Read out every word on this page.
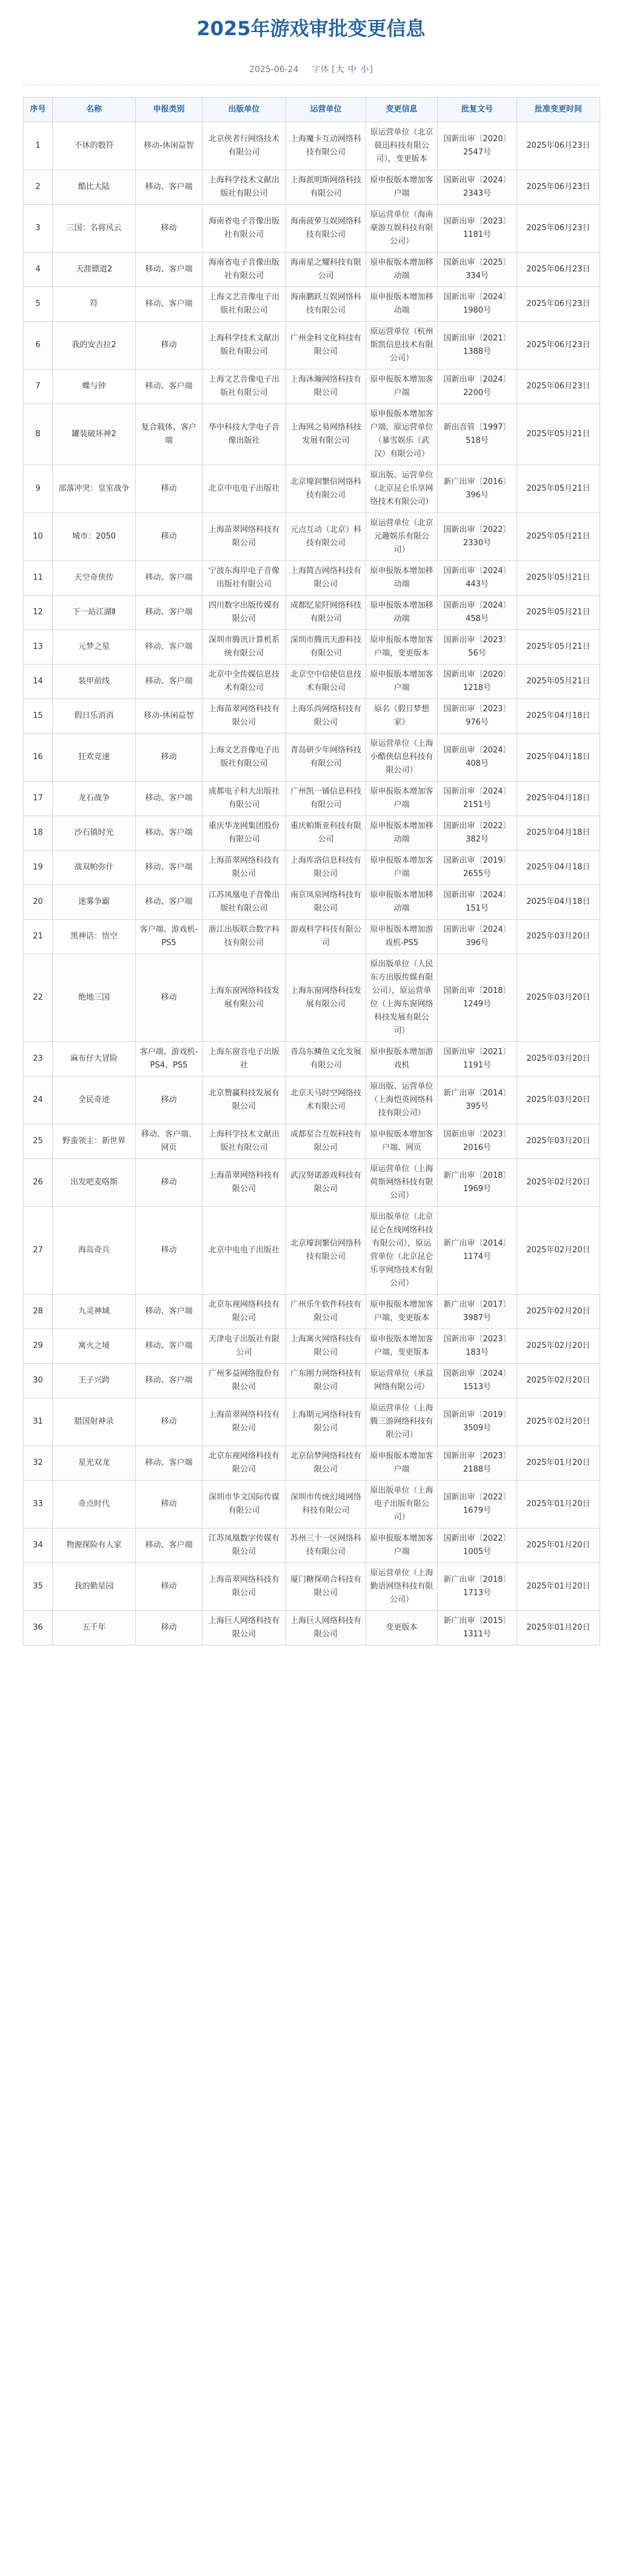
2025年游戏审批变更信息
2025-06-24 字体 [大 中 小]
序号	名称	申报类别	出版单位	运营单位	变更信息	批复文号	批准变更时间
1	不休的骰符	移动-休闲益智	北京侠者行网络技术有限公司	上海魔卡互动网络科技有限公司	原运营单位（北京晨迅科技有限公司），变更版本	国新出审〔2020〕2547号	2025年06月23日
2	酷比大陆	移动、客户端	上海科学技术文献出版社有限公司	上海派明斯网络科技有限公司	原申报版本增加客户端	国新出审〔2024〕2343号	2025年06月23日
3	三国：名将风云	移动	海南省电子音像出版社有限公司	海南菠萝互娱网络科技有限公司	原运营单位（海南豪游互娱科技有限公司）	国新出审〔2023〕1181号	2025年06月23日
4	天涯镖道2	移动、客户端	海南省电子音像出版社有限公司	海南星之耀科技有限公司	原申报版本增加移动端	国新出审〔2025〕334号	2025年06月23日
5	符	移动、客户端	上海文艺音像电子出版社有限公司	海南鹏跃互娱网络科技有限公司	原申报版本增加移动端	国新出审〔2024〕1980号	2025年06月23日
6	我的安吉拉2	移动	上海科学技术文献出版社有限公司	广州金科文化科技有限公司	原运营单位（杭州斯凯信息技术有限公司）	国新出审〔2021〕1388号	2025年06月23日
7	蝶与钟	移动、客户端	上海文艺音像电子出版社有限公司	上海沐瀚网络科技有限公司	原申报版本增加客户端	国新出审〔2024〕2200号	2025年06月23日
8	罐装破坏神2	复合载体、客户端	华中科技大学电子音像出版社	上海网之易网络科技发展有限公司	原申报版本增加客户端，原运营单位（暴雪娱乐（武汉）有限公司）	新出音管〔1997〕518号	2025年05月21日
9	部落冲突：皇室战争	移动	北京中电电子出版社	北京壕润繁信网络科技有限公司	原出版、运营单位（北京昆仑乐享网络技术有限公司）	新广出审〔2016〕396号	2025年05月21日
10	城市：2050	移动	上海苗翠网络科技有限公司	元点互动（北京）科技有限公司	原运营单位（北京元趣娱乐有限公司）	国新出审〔2022〕2330号	2025年05月21日
11	天空奇侠传	移动、客户端	宁波东海岸电子音像出版社有限公司	上海简吉网络科技有限公司	原申报版本增加移动端	国新出审〔2024〕443号	2025年05月21日
12	下一站江湖Ⅱ	移动、客户端	四川数字出版传媒有限公司	成都忆星阡网络科技有限公司	原申报版本增加移动端	国新出审〔2024〕458号	2025年05月21日
13	元梦之星	移动、客户端	深圳市腾讯计算机系统有限公司	深圳市腾讯天游科技有限公司	原申报版本增加客户端，变更版本	国新出审〔2023〕56号	2025年05月21日
14	装甲前线	移动、客户端	北京中全传媒信息技术有限公司	北京空中信使信息技术有限公司	原申报版本增加客户端	国新出审〔2020〕1218号	2025年05月21日
15	假日乐消消	移动-休闲益智	上海苗翠网络科技有限公司	上海乐尚网络科技有限公司	原名《假日梦想家》	国新出审〔2023〕976号	2025年04月18日
16	狂欢竞速	移动	上海文艺音像电子出版社有限公司	青岛研少年网络科技有限公司	原运营单位（上海小酷侠信息科技有限公司）	国新出审〔2024〕408号	2025年04月18日
17	龙石战争	移动、客户端	成都电子科大出版社有限公司	广州凯一铺信息科技有限公司	原申报版本增加客户端	国新出审〔2024〕2151号	2025年04月18日
18	沙石镇时光	移动、客户端	重庆华龙网集团股份有限公司	重庆帕斯亚科技有限公司	原申报版本增加移动端	国新出审〔2022〕382号	2025年04月18日
19	战双帕弥什	移动、客户端	上海苗翠网络科技有限公司	上海库洛信息科技有限公司	原申报版本增加客户端	国新出审〔2019〕2655号	2025年04月18日
20	迷雾争霸	移动、客户端	江苏凤凰电子音像出版社有限公司	南京凤泉网络科技有限公司	原申报版本增加移动端	国新出审〔2024〕151号	2025年04月18日
21	黑神话：悟空	客户端、游戏机-PS5	浙江出版联合数字科技有限公司	游戏科学科技有限公司	原申报版本增加游戏机-PS5	国新出审〔2024〕396号	2025年03月20日
22	绝地三国	移动	上海东窗网络科技发展有限公司	上海东窗网络科技发展有限公司	原出版单位（人民东方出版传媒有限公司），原运营单位（上海东窗网络科技发展有限公司）	国新出审〔2018〕1249号	2025年03月20日
23	麻布仔大冒险	客户端、游戏机-PS4、PS5	上海东窗音电子出版社	青岛东鳞鱼文化发展有限公司	原申报版本增加游戏机	国新出审〔2021〕1191号	2025年03月20日
24	全民奇迹	移动	北京赞赢科技发展有限公司	北京天马时空网络技术有限公司	原出版、运营单位（上海恺英网络科技有限公司）	新广出审〔2014〕395号	2025年03月20日
25	野蛮领主：新世界	移动、客户端、网页	上海科学技术文献出版社有限公司	成都星合互娱科技有限公司	原申报版本增加客户端、网页	国新出审〔2023〕2016号	2025年03月20日
26	出发吧麦咯斯	移动	上海苗翠网络科技有限公司	武汉努诺游戏科技有限公司	原运营单位（上海荷斯网络科技有限公司）	新广出审〔2018〕1969号	2025年02月20日
27	海岛奇兵	移动	北京中电电子出版社	北京壕润繁信网络科技有限公司	原出版单位（北京昆仑在线网络科技有限公司），原运营单位（北京昆仑乐享网络技术有限公司）	新广出审〔2014〕1174号	2025年02月20日
28	九灵神域	移动、客户端	北京东视网络科技有限公司	广州乐牛软件科技有限公司	原申报版本增加客户端，变更版本	新广出审〔2017〕3987号	2025年02月20日
29	寓火之境	移动、客户端	天津电子出版社有限公司	上海寓火网络科技有限公司	原申报版本增加客户端，变更版本	国新出审〔2023〕183号	2025年02月20日
30	王子兴跨	移动、客户端	广州多益网络股份有限公司	广东刚力网络科技有限公司	原运营单位（承益网络有限公司）	国新出审〔2024〕1513号	2025年02月20日
31	腊国射神录	移动	上海苗翠网络科技有限公司	上海期元网络科技有限公司	原运营单位（上海腾三游网络科技有限公司）	国新出审〔2019〕3509号	2025年02月20日
32	星光双龙	移动、客户端	北京东视网络科技有限公司	北京信梦网络科技有限公司	原申报版本增加客户端	国新出审〔2023〕2188号	2025年01月20日
33	奇点时代	移动	深圳市华文国际传媒有限公司	深圳市传统幻境网络科技有限公司	原出版单位（上海电子出版有限公司）	国新出审〔2022〕1679号	2025年01月20日
34	物源探险有人家	移动、客户端	江苏凤凰数字传媒有限公司	苏州三十一区网络科技有限公司	原申报版本增加客户端	国新出审〔2022〕1005号	2025年01月20日
35	我的勤星园	移动	上海苗翠网络科技有限公司	厦门糖探萌合科技有限公司	原运营单位（上海勤语网络科技有限公司）	新广出审〔2018〕1713号	2025年01月20日
36	五千年	移动	上海巨人网络科技有限公司	上海巨人网络科技有限公司	变更版本	新广出审〔2015〕1311号	2025年01月20日
